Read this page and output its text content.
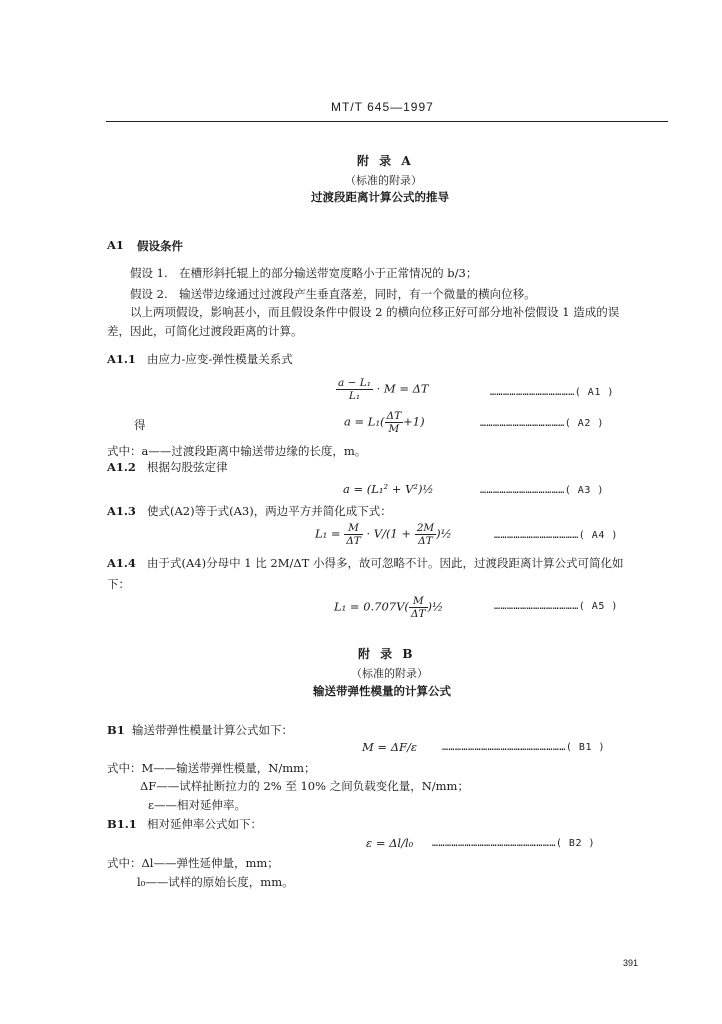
MT/T 645—1997
附 录 A
（标准的附录）
过渡段距离计算公式的推导
A1 假设条件
假设 1.　在槽形斜托辊上的部分输送带宽度略小于正常情况的 b/3；
假设 2.　输送带边缘通过过渡段产生垂直落差，同时，有一个微量的横向位移。
以上两项假设，影响甚小，而且假设条件中假设 2 的横向位移正好可部分地补偿假设 1 造成的误
差，因此，可简化过渡段距离的计算。
A1.1 由应力-应变-弹性模量关系式
$\frac{\text{a − L₁}}{\text{L₁}} \cdot M = \Delta T$	…………………………………( A1 )
得	$a = L_1( \frac{\Delta T}{M} +1)$	…………………………………( A2 )
式中：a——过渡段距离中输送带边缘的长度，m。
A1.2 根据勾股弦定律
a = (L₁² + V²)½	…………………………………( A3 )
A1.3 使式(A2)等于式(A3)，两边平方并简化成下式：
$L_1 = \frac{M}{\Delta T} \cdot V/(1 + \frac{2M}{\Delta T}$ )½	…………………………………( A4 )
A1.4 由于式(A4)分母中 1 比 2M/ΔT 小得多，故可忽略不计。因此，过渡段距离计算公式可简化如
下：
$L_1 = 0.707V( \frac{M}{\Delta T}$ )½	…………………………………( A5 )
附 录 B
（标准的附录）
输送带弹性模量的计算公式
B1 输送带弹性模量计算公式如下：
M = ΔF/ε …………………………………………………( B1 )
式中：M——输送带弹性模量，N/mm；
ΔF——试样扯断拉力的 2% 至 10% 之间负载变化量，N/mm；
ε——相对延伸率。
B1.1 相对延伸率公式如下：
ε = Δl/l₀ …………………………………………………( B2 )
式中：Δl——弹性延伸量，mm；
l₀——试样的原始长度，mm。
391
